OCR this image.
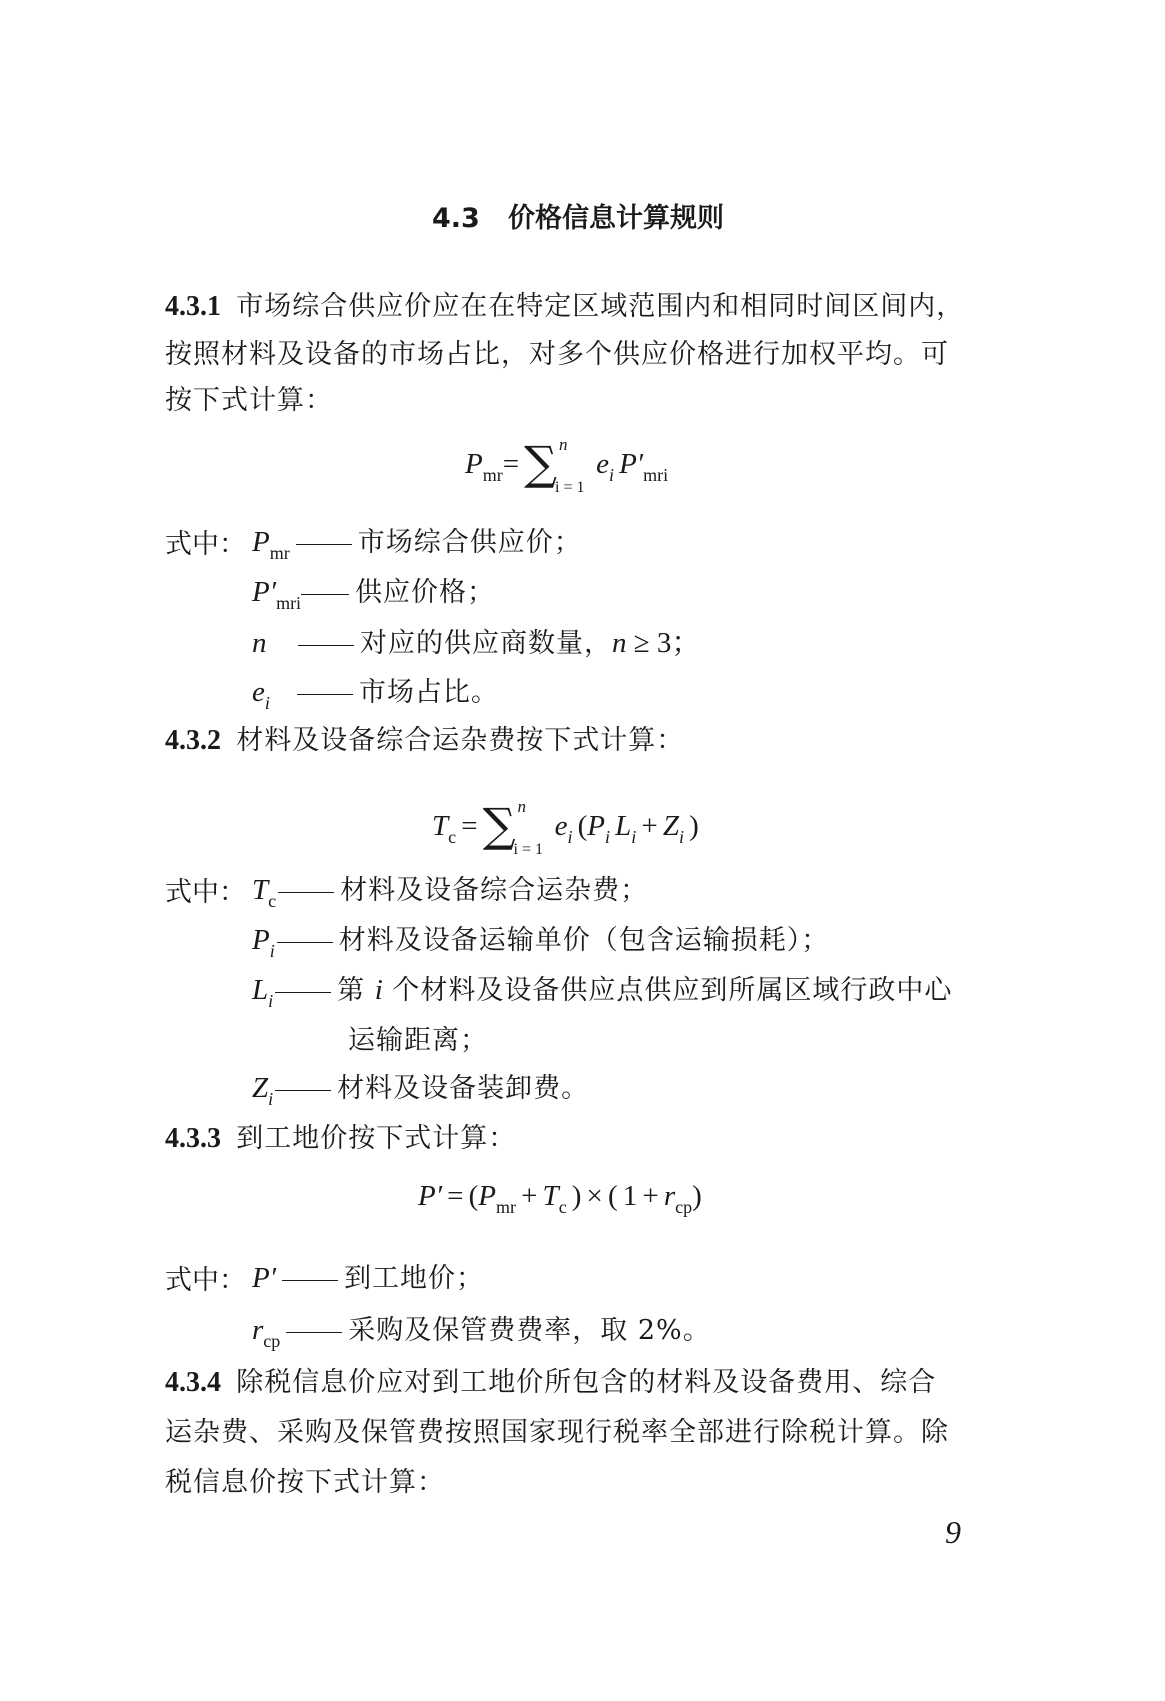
4.3 价格信息计算规则
4.3.1 市场综合供应价应在在特定区域范围内和相同时间区间内，
按照材料及设备的市场占比，对多个供应价格进行加权平均。可
按下式计算：
Pmr= ∑ n
i = 1
ei P′mri
式中： Pmr	市场综合供应价；
P′mri 供应价格；
n	对应的供应商数量，n ≥ 3；
ei	市场占比。
4.3.2 材料及设备综合运杂费按下式计算：
Tc = ∑ n
i = 1
ei (Pi Li + Zi )
式中： Tc 材料及设备综合运杂费；
Pi 材料及设备运输单价（包含运输损耗）；
Li 第 i 个材料及设备供应点供应到所属区域行政中心
运输距离；
Zi 材料及设备装卸费。
4.3.3 到工地价按下式计算：
P′ = (Pmr + Tc ) × ( 1 + rcp)
式中： P′	到工地价；
rcp	采购及保管费费率，取 2%。
4.3.4 除税信息价应对到工地价所包含的材料及设备费用、综合
运杂费、采购及保管费按照国家现行税率全部进行除税计算。除
税信息价按下式计算：
9
